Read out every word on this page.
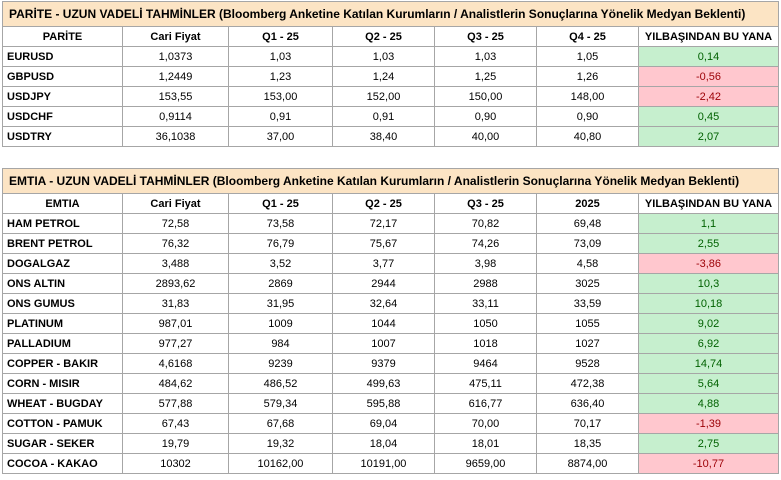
PARİTE - UZUN VADELİ TAHMİNLER (Bloomberg Anketine Katılan Kurumların / Analistlerin Sonuçlarına Yönelik Medyan Beklenti)						
PARİTE	Cari Fiyat	Q1 - 25	Q2 - 25	Q3 - 25	Q4 - 25	YILBAŞINDAN BU YANA
EURUSD	1,0373	1,03	1,03	1,03	1,05	0,14
GBPUSD	1,2449	1,23	1,24	1,25	1,26	-0,56
USDJPY	153,55	153,00	152,00	150,00	148,00	-2,42
USDCHF	0,9114	0,91	0,91	0,90	0,90	0,45
USDTRY	36,1038	37,00	38,40	40,00	40,80	2,07
EMTIA - UZUN VADELİ TAHMİNLER (Bloomberg Anketine Katılan Kurumların / Analistlerin Sonuçlarına Yönelik Medyan Beklenti)						
EMTIA	Cari Fiyat	Q1 - 25	Q2 - 25	Q3 - 25	2025	YILBAŞINDAN BU YANA
HAM PETROL	72,58	73,58	72,17	70,82	69,48	1,1
BRENT PETROL	76,32	76,79	75,67	74,26	73,09	2,55
DOGALGAZ	3,488	3,52	3,77	3,98	4,58	-3,86
ONS ALTIN	2893,62	2869	2944	2988	3025	10,3
ONS GUMUS	31,83	31,95	32,64	33,11	33,59	10,18
PLATINUM	987,01	1009	1044	1050	1055	9,02
PALLADIUM	977,27	984	1007	1018	1027	6,92
COPPER - BAKIR	4,6168	9239	9379	9464	9528	14,74
CORN - MISIR	484,62	486,52	499,63	475,11	472,38	5,64
WHEAT - BUGDAY	577,88	579,34	595,88	616,77	636,40	4,88
COTTON - PAMUK	67,43	67,68	69,04	70,00	70,17	-1,39
SUGAR - SEKER	19,79	19,32	18,04	18,01	18,35	2,75
COCOA - KAKAO	10302	10162,00	10191,00	9659,00	8874,00	-10,77
